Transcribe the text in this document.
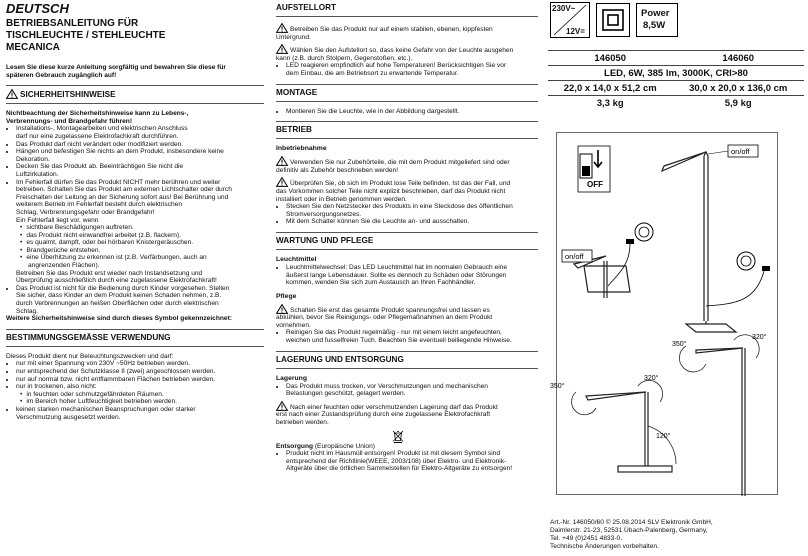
DEUTSCH

BETRIEBSANLEITUNG FÜR
TISCHLEUCHTE / STEHLEUCHTE
MECANICA

Lesen Sie diese kurze Anleitung sorgfältig und bewahren Sie diese für
späteren Gebrauch zugänglich auf!

SICHERHEITSHINWEISE

Nichtbeachtung der Sicherheitshinweise kann zu Lebens-,
Verbrennungs- und Brandgefahr führen!

• Installations-, Montagearbeiten und elektrischen Anschluss
darf nur eine zugelassene Elektrofachkraft durchführen.
• Das Produkt darf nicht verändert oder modifiziert werden.
• Hängen und befestigen Sie nichts an dem Produkt, insbesondere keine
Dekoration.
• Decken Sie das Produkt ab. Beeinträchtigen Sie nicht die
Luftzirkulation.
• Im Fehlerfall dürfen Sie das Produkt NICHT mehr berühren und weiter
betreiben. Schalten Sie das Produkt am externen Lichtschalter oder durch
Freischalten der Leitung an der Sicherung sofort aus! Bei Berührung und
weiterem Betrieb im Fehlerfall besteht durch elektrischen
Schlag, Verbrennungsgefahr oder Brandgefahr!
Ein Fehlerfall liegt vor, wenn
• sichtbare Beschädigungen auftreten.
• das Produkt nicht einwandfrei arbeitet (z.B. flackern).
• es qualmt, dampft, oder bei hörbaren Knistergeräuschen.
• Brandgerüche entstehen.
• eine Überhitzung zu erkennen ist (z.B. Verfärbungen, auch an
angrenzenden Flächen).
Betreiben Sie das Produkt erst wieder nach Instandsetzung und
Überprüfung ausschließlich durch eine zugelassene Elektrofachkraft!
• Das Produkt ist nicht für die Bedienung durch Kinder vorgesehen. Stellen
Sie sicher, dass Kinder an dem Produkt keinen Schaden nehmen, z.B.
durch Verbrennungen an heißen Oberflächen oder durch elektrischen
Schlag.

Weitere Sicherheitshinweise sind durch dieses Symbol gekennzeichnet:

BESTIMMUNGSGEMÄSSE VERWENDUNG

Dieses Produkt dient nur Beleuchtungszwecken und darf:

• nur mit einer Spannung von 230V ~50Hz betrieben werden.
• nur entsprechend der Schutzklasse II (zwei) angeschlossen werden.
• nur auf normal bzw. nicht entflammbaren Flächen betrieben werden.
• nur in trockenen, also nicht:
• in feuchten oder schmutzgefährdeten Räumen.
• im Bereich hoher Luftfeuchtigkeit betrieben werden.
• keinen starken mechanischen Beanspruchungen oder starker
Verschmutzung ausgesetzt werden.

AUFSTELLORT

Betreiben Sie das Produkt nur auf einem stabilen, ebenen, kippfesten
Untergrund.

Wählen Sie den Aufstellort so, dass keine Gefahr von der Leuchte ausgehen
kann (z.B. durch Stolpern, Gegenstoßen, etc.).

• LED reagieren empfindlich auf hohe Temperaturen! Berücksichtigen Sie vor
dem Einbau, die am Betriebsort zu erwartende Temperatur.

MONTAGE

• Montieren Sie die Leuchte, wie in der Abbildung dargestellt.

BETRIEB

Inbetriebnahme

Verwenden Sie nur Zubehörteile, die mit dem Produkt mitgeliefert sind oder
definitiv als Zubehör beschrieben werden!

Überprüfen Sie, ob sich im Produkt lose Teile befinden. Ist das der Fall, und
das Vorkommen solcher Teile nicht explizit beschrieben, darf das Produkt nicht
installiert oder in Betrieb genommen werden.

• Stecken Sie den Netzstecker des Produkts in eine Steckdose des öffentlichen
Stromversorgungsnetzes.
• Mit dem Schalter können Sie die Leuchte an- und ausschalten.

WARTUNG UND PFLEGE

Leuchtmittel

• Leuchtmittelwechsel: Das LED Leuchtmittel hat im normalen Gebrauch eine
äußerst lange Lebensdauer. Sollte es dennoch zu Schäden oder Störungen
kommen, wenden Sie sich zum Austausch an Ihren Fachhändler.

Pflege

Schalten Sie erst das gesamte Produkt spannungsfrei und lassen es
abkühlen, bevor Sie Reinigungs- oder Pflegemaßnahmen an dem Produkt
vornehmen.

• Reinigen Sie das Produkt regelmäßig - nur mit einem leicht angefeuchten,
weichen und fusselfreien Tuch. Beachten Sie eventuell beiliegende Hinweise.

LAGERUNG UND ENTSORGUNG

Lagerung

• Das Produkt muss trocken, vor Verschmutzungen und mechanischen
Belastungen geschützt, gelagert werden.

Nach einer feuchten oder verschmutzenden Lagerung darf das Produkt
erst nach einer Zustandsprüfung durch eine zugelassene Elektrofachkraft
betrieben werden.

Entsorgung (Europäische Union)

• Produkt nicht im Hausmüll entsorgen! Produkt ist mit diesem Symbol sind
entsprechend der Richtlinie(WEEE, 2003/108) über Elektro- und Elektronik-
Altgeräte über die örtlichen Sammelstellen für Elektro-Altgeräte zu entsorgen!
230V~
12V=
Power
8,5W
146050	146060
LED, 6W, 385 lm, 3000K, CRI>80	
22,0 x 14,0 x 51,2 cm	30,0 x 20,0 x 136,0 cm
3,3 kg	5,9 kg
OFF
on/off
on/off
350°
320°
350°
320°
120°
Art.-Nr. 146050/60 © 25.08.2014 SLV Elektronik GmbH,
Daimlerstr. 21-23, 52531 Übach-Palenberg, Germany,
Tel. +49 (0)2451 4833-0.
Technische Änderungen vorbehalten.
